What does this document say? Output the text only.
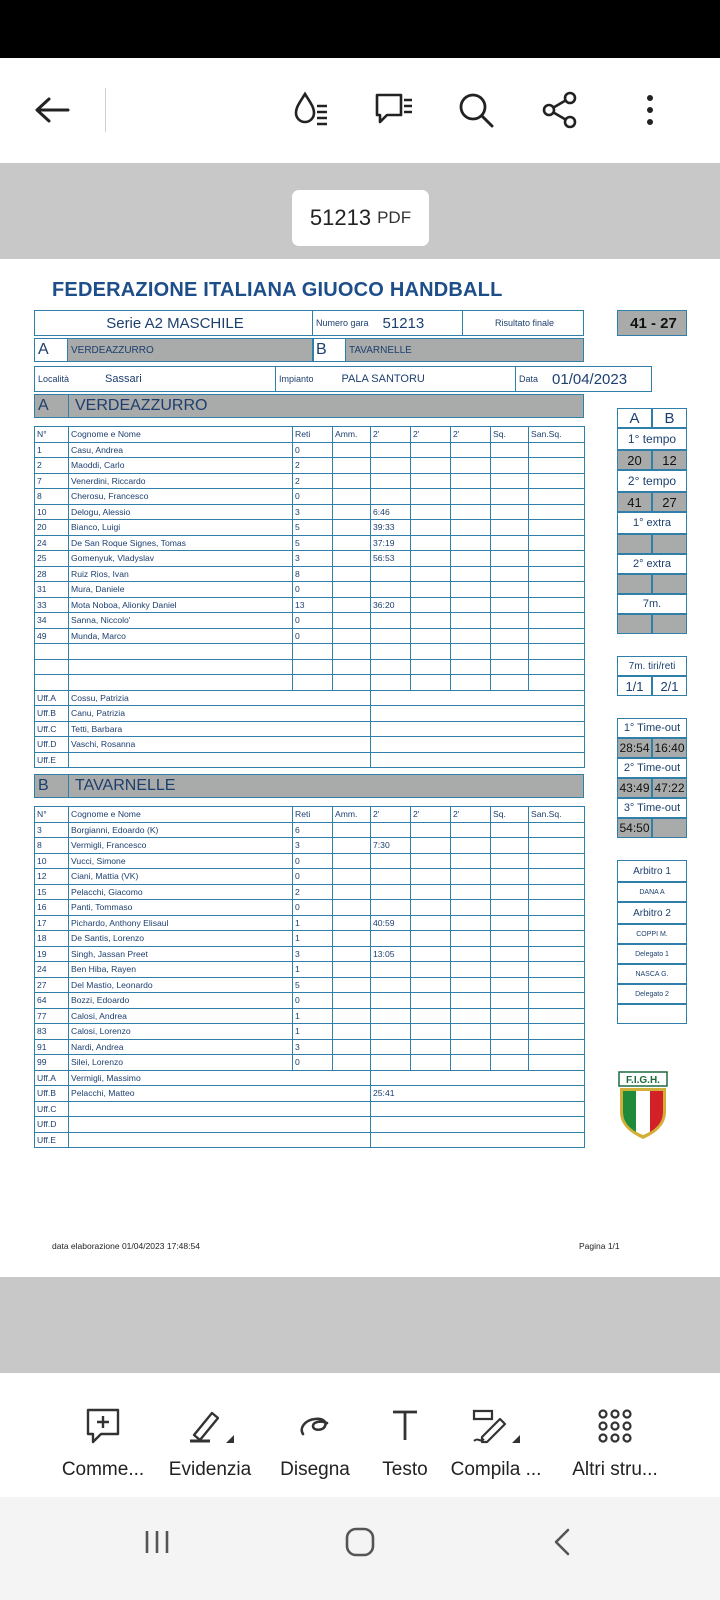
51213 PDF
FEDERAZIONE ITALIANA GIUOCO HANDBALL
Serie A2 MASCHILE	Numero gara 51213	Risultato finale	41 - 27
A	VERDEAZZURRO	B	TAVARNELLE
Località	Sassari	Impianto	PALA SANTORU	Data 01/04/2023
A	VERDEAZZURRO
N°	Cognome e Nome	Reti	Amm.	2'	2'	2'	Sq.	San.Sq.
1	Casu, Andrea	0						
2	Maoddi, Carlo	2						
7	Venerdini, Riccardo	2						
8	Cherosu, Francesco	0						
10	Delogu, Alessio	3		6:46				
20	Bianco, Luigi	5		39:33				
24	De San Roque Signes, Tomas	5		37:19				
25	Gomenyuk, Vladyslav	3		56:53				
28	Ruiz Rios, Ivan	8						
31	Mura, Daniele	0						
33	Mota Noboa, Alionky Daniel	13		36:20				
34	Sanna, Niccolo'	0						
49	Munda, Marco	0						

Uff.A	Cossu, Patrizia							
Uff.B	Canu, Patrizia							
Uff.C	Tetti, Barbara							
Uff.D	Vaschi, Rosanna							
Uff.E								
B	TAVARNELLE
N°	Cognome e Nome	Reti	Amm.	2'	2'	2'	Sq.	San.Sq.
3	Borgianni, Edoardo (K)	6						
8	Vermigli, Francesco	3		7:30				
10	Vucci, Simone	0						
12	Ciani, Mattia (VK)	0						
15	Pelacchi, Giacomo	2						
16	Panti, Tommaso	0						
17	Pichardo, Anthony Elisaul	1		40:59				
18	De Santis, Lorenzo	1						
19	Singh, Jassan Preet	3		13:05				
24	Ben Hiba, Rayen	1						
27	Del Mastio, Leonardo	5						
64	Bozzi, Edoardo	0						
77	Calosi, Andrea	1						
83	Calosi, Lorenzo	1						
91	Nardi, Andrea	3						
99	Silei, Lorenzo	0						
Uff.A	Vermigli, Massimo							
Uff.B	Pelacchi, Matteo			25:41				
Uff.C								
Uff.D								
Uff.E								
A	B
1° tempo
20	12
2° tempo
41	27
1° extra
2° extra
7m.
7m. tiri/reti
1/1	2/1
1° Time-out
28:54 16:40
2° Time-out
43:49 47:22
3° Time-out
54:50
Arbitro 1
DANA A
Arbitro 2
COPPI M.
Delegato 1
NASCA G.
Delegato 2
F.I.G.H.
data elaborazione 01/04/2023 17:48:54	Pagina 1/1
Comme...	Evidenzia	Disegna	Testo	Compila ...	Altri stru...
